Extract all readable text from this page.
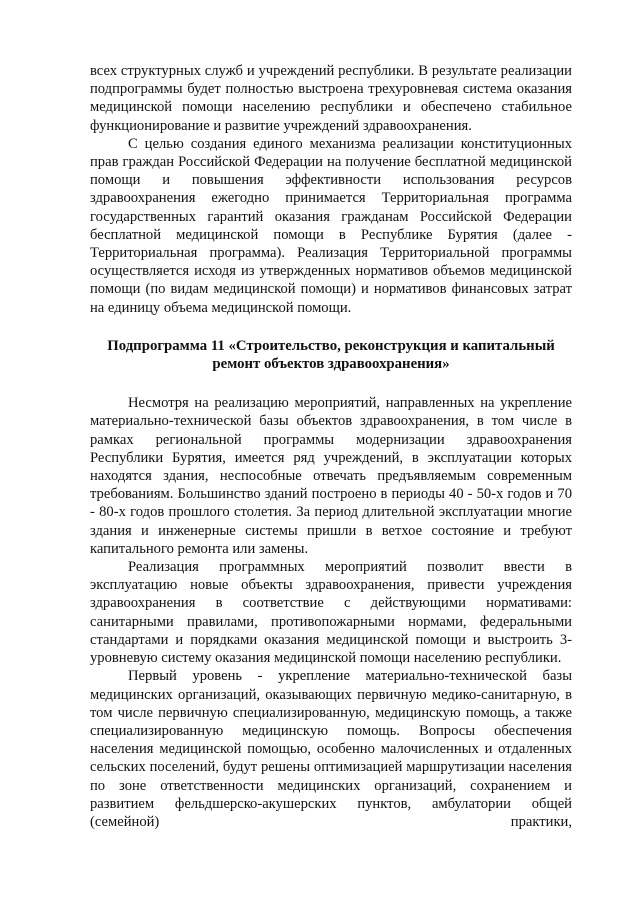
всех структурных служб и учреждений республики. В результате реализации подпрограммы будет полностью выстроена трехуровневая система оказания медицинской помощи населению республики и обеспечено стабильное функционирование и развитие учреждений здравоохранения.

С целью создания единого механизма реализации конституционных прав граждан Российской Федерации на получение бесплатной медицинской помощи и повышения эффективности использования ресурсов здравоохранения ежегодно принимается Территориальная программа государственных гарантий оказания гражданам Российской Федерации бесплатной медицинской помощи в Республике Бурятия (далее - Территориальная программа). Реализация Территориальной программы осуществляется исходя из утвержденных нормативов объемов медицинской помощи (по видам медицинской помощи) и нормативов финансовых затрат на единицу объема медицинской помощи.

Подпрограмма 11 «Строительство, реконструкция и капитальный
ремонт объектов здравоохранения»

Несмотря на реализацию мероприятий, направленных на укрепление материально-технической базы объектов здравоохранения, в том числе в рамках региональной программы модернизации здравоохранения Республики Бурятия, имеется ряд учреждений, в эксплуатации которых находятся здания, неспособные отвечать предъявляемым современным требованиям. Большинство зданий построено в периоды 40 - 50-х годов и 70 - 80-х годов прошлого столетия. За период длительной эксплуатации многие здания и инженерные системы пришли в ветхое состояние и требуют капитального ремонта или замены.

Реализация программных мероприятий позволит ввести в эксплуатацию новые объекты здравоохранения, привести учреждения здравоохранения в соответствие с действующими нормативами: санитарными правилами, противопожарными нормами, федеральными стандартами и порядками оказания медицинской помощи и выстроить 3-уровневую систему оказания медицинской помощи населению республики.

Первый уровень - укрепление материально-технической базы медицинских организаций, оказывающих первичную медико-санитарную, в том числе первичную специализированную, медицинскую помощь, а также специализированную медицинскую помощь. Вопросы обеспечения населения медицинской помощью, особенно малочисленных и отдаленных сельских поселений, будут решены оптимизацией маршрутизации населения по зоне ответственности медицинских организаций, сохранением и развитием фельдшерско-акушерских пунктов, амбулатории общей (семейной) практики,
